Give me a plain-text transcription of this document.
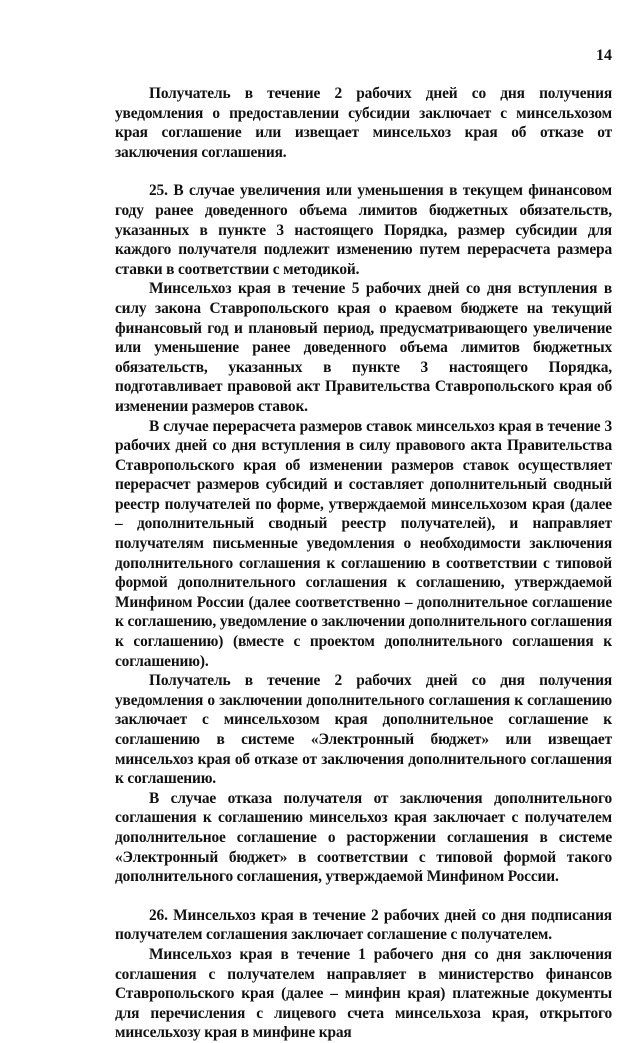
14

Получатель в течение 2 рабочих дней со дня получения уведомления о предоставлении субсидии заключает с минсельхозом края соглашение или извещает минсельхоз края об отказе от заключения соглашения.

25. В случае увеличения или уменьшения в текущем финансовом году ранее доведенного объема лимитов бюджетных обязательств, указанных в пункте 3 настоящего Порядка, размер субсидии для каждого получателя подлежит изменению путем перерасчета размера ставки в соответствии с методикой.

Минсельхоз края в течение 5 рабочих дней со дня вступления в силу закона Ставропольского края о краевом бюджете на текущий финансовый год и плановый период, предусматривающего увеличение или уменьшение ранее доведенного объема лимитов бюджетных обязательств, указанных в пункте 3 настоящего Порядка, подготавливает правовой акт Правительства Ставропольского края об изменении размеров ставок.

В случае перерасчета размеров ставок минсельхоз края в течение 3 рабочих дней со дня вступления в силу правового акта Правительства Ставропольского края об изменении размеров ставок осуществляет перерасчет размеров субсидий и составляет дополнительный сводный реестр получателей по форме, утверждаемой минсельхозом края (далее – дополнительный сводный реестр получателей), и направляет получателям письменные уведомления о необходимости заключения дополнительного соглашения к соглашению в соответствии с типовой формой дополнительного соглашения к соглашению, утверждаемой Минфином России (далее соответственно – дополнительное соглашение к соглашению, уведомление о заключении дополнительного соглашения к соглашению) (вместе с проектом дополнительного соглашения к соглашению).

Получатель в течение 2 рабочих дней со дня получения уведомления о заключении дополнительного соглашения к соглашению заключает с минсельхозом края дополнительное соглашение к соглашению в системе «Электронный бюджет» или извещает минсельхоз края об отказе от заключения дополнительного соглашения к соглашению.

В случае отказа получателя от заключения дополнительного соглашения к соглашению минсельхоз края заключает с получателем дополнительное соглашение о расторжении соглашения в системе «Электронный бюджет» в соответствии с типовой формой такого дополнительного соглашения, утверждаемой Минфином России.

26. Минсельхоз края в течение 2 рабочих дней со дня подписания получателем соглашения заключает соглашение с получателем.

Минсельхоз края в течение 1 рабочего дня со дня заключения соглашения с получателем направляет в министерство финансов Ставропольского края (далее – минфин края) платежные документы для перечисления с лицевого счета минсельхоза края, открытого минсельхозу края в минфине края
